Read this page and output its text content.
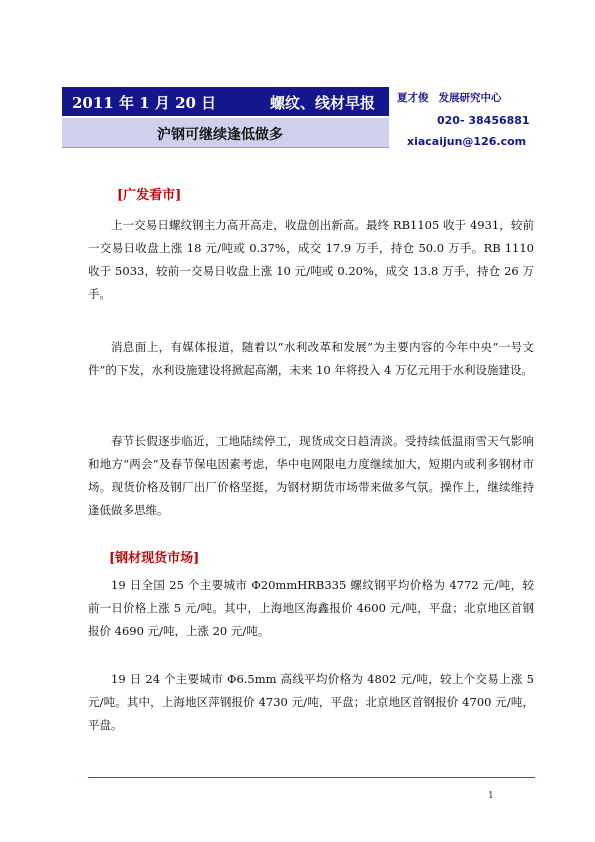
2011 年 1 月 20 日	螺纹、线材早报
沪钢可继续逢低做多
夏才俊 发展研究中心
020- 38456881
xiacaijun@126.com
[广发看市]

上一交易日螺纹钢主力高开高走，收盘创出新高。最终 RB1105 收于 4931，较前一交易日收盘上涨 18 元/吨或 0.37%，成交 17.9 万手，持仓 50.0 万手。RB 1110 收于 5033，较前一交易日收盘上涨 10 元/吨或 0.20%，成交 13.8 万手，持仓 26 万手。

消息面上，有媒体报道，随着以“水利改革和发展”为主要内容的今年中央“一号文件”的下发，水利设施建设将掀起高潮，未来 10 年将投入 4 万亿元用于水利设施建设。

春节长假逐步临近，工地陆续停工，现货成交日趋清淡。受持续低温雨雪天气影响和地方“两会”及春节保电因素考虑，华中电网限电力度继续加大，短期内或利多钢材市场。现货价格及钢厂出厂价格坚挺，为钢材期货市场带来做多气氛。操作上，继续维持逢低做多思维。

[钢材现货市场]

19 日全国 25 个主要城市 Φ20mmHRB335 螺纹钢平均价格为 4772 元/吨，较前一日价格上涨 5 元/吨。其中，上海地区海鑫报价 4600 元/吨，平盘；北京地区首钢报价 4690 元/吨，上涨 20 元/吨。

19 日 24 个主要城市 Φ6.5mm 高线平均价格为 4802 元/吨，较上个交易上涨 5 元/吨。其中，上海地区萍钢报价 4730 元/吨，平盘；北京地区首钢报价 4700 元/吨，平盘。

1
